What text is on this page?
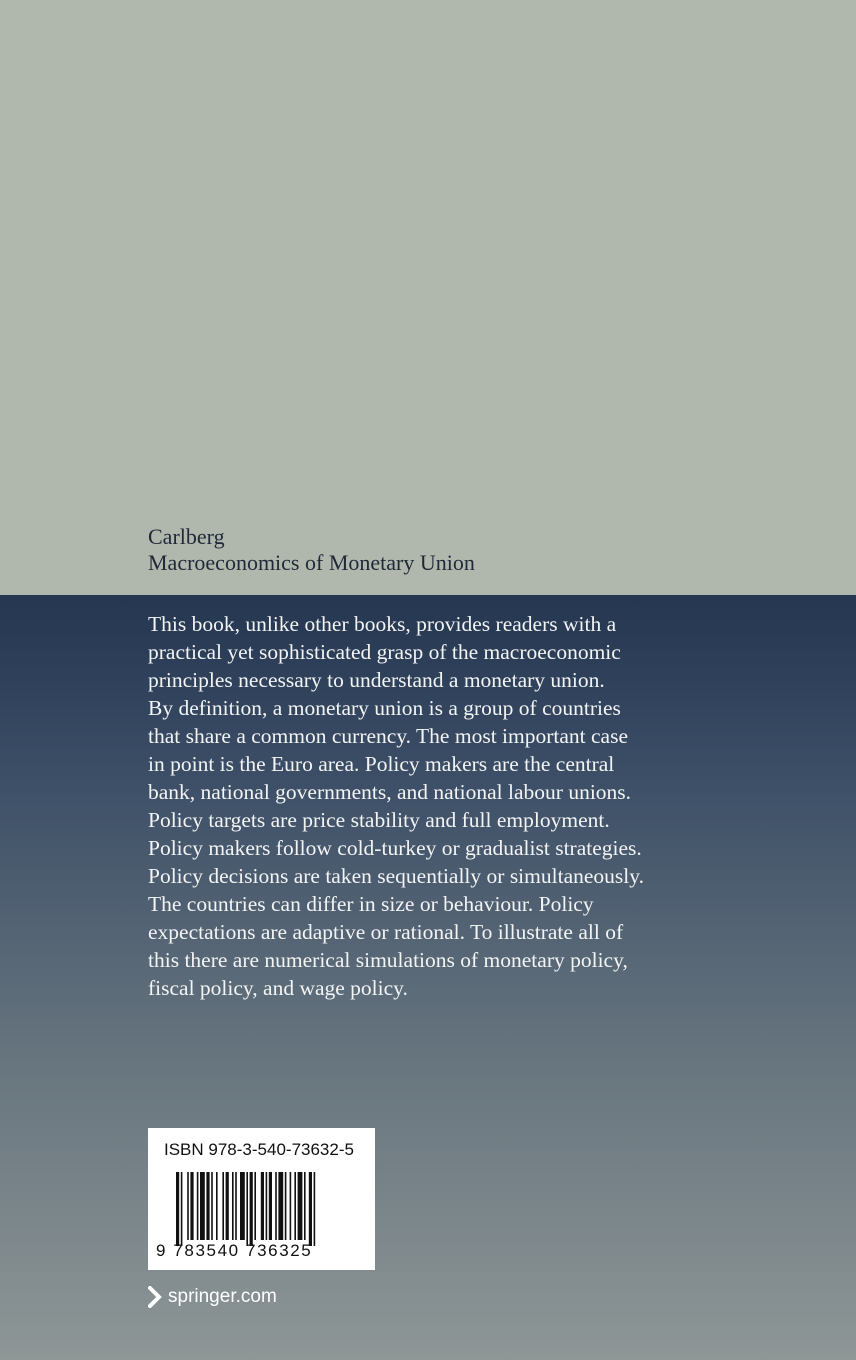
Carlberg
Macroeconomics of Monetary Union

This book, unlike other books, provides readers with a
practical yet sophisticated grasp of the macroeconomic
principles necessary to understand a monetary union.
By definition, a monetary union is a group of countries
that share a common currency. The most important case
in point is the Euro area. Policy makers are the central
bank, national governments, and national labour unions.
Policy targets are price stability and full employment.
Policy makers follow cold-turkey or gradualist strategies.
Policy decisions are taken sequentially or simultaneously.
The countries can differ in size or behaviour. Policy
expectations are adaptive or rational. To illustrate all of
this there are numerical simulations of monetary policy,
fiscal policy, and wage policy.

ISBN 978-3-540-73632-5
9 783540 736325
springer.com
